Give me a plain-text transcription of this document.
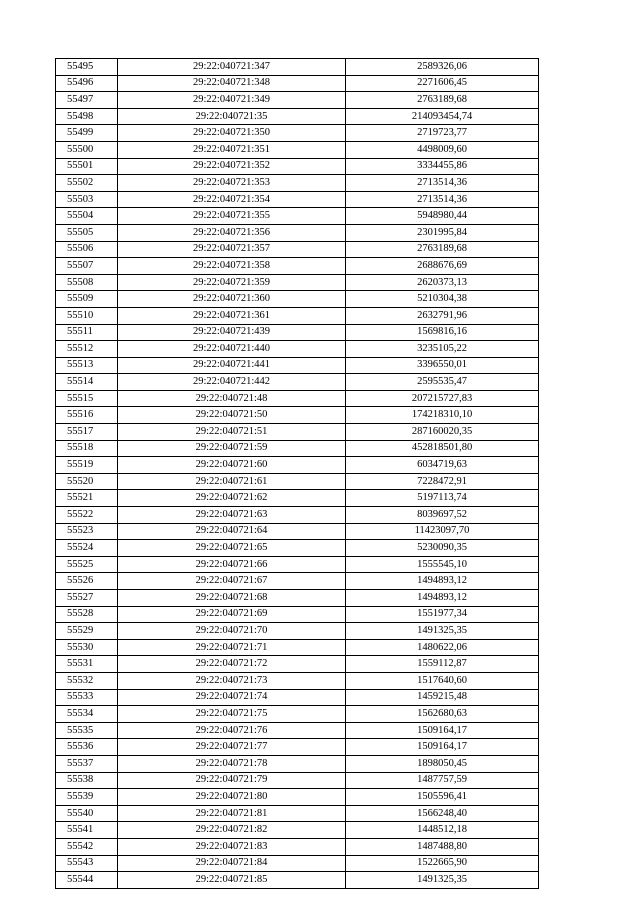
55495	29:22:040721:347	2589326,06
55496	29:22:040721:348	2271606,45
55497	29:22:040721:349	2763189,68
55498	29:22:040721:35	214093454,74
55499	29:22:040721:350	2719723,77
55500	29:22:040721:351	4498009,60
55501	29:22:040721:352	3334455,86
55502	29:22:040721:353	2713514,36
55503	29:22:040721:354	2713514,36
55504	29:22:040721:355	5948980,44
55505	29:22:040721:356	2301995,84
55506	29:22:040721:357	2763189,68
55507	29:22:040721:358	2688676,69
55508	29:22:040721:359	2620373,13
55509	29:22:040721:360	5210304,38
55510	29:22:040721:361	2632791,96
55511	29:22:040721:439	1569816,16
55512	29:22:040721:440	3235105,22
55513	29:22:040721:441	3396550,01
55514	29:22:040721:442	2595535,47
55515	29:22:040721:48	207215727,83
55516	29:22:040721:50	174218310,10
55517	29:22:040721:51	287160020,35
55518	29:22:040721:59	452818501,80
55519	29:22:040721:60	6034719,63
55520	29:22:040721:61	7228472,91
55521	29:22:040721:62	5197113,74
55522	29:22:040721:63	8039697,52
55523	29:22:040721:64	11423097,70
55524	29:22:040721:65	5230090,35
55525	29:22:040721:66	1555545,10
55526	29:22:040721:67	1494893,12
55527	29:22:040721:68	1494893,12
55528	29:22:040721:69	1551977,34
55529	29:22:040721:70	1491325,35
55530	29:22:040721:71	1480622,06
55531	29:22:040721:72	1559112,87
55532	29:22:040721:73	1517640,60
55533	29:22:040721:74	1459215,48
55534	29:22:040721:75	1562680,63
55535	29:22:040721:76	1509164,17
55536	29:22:040721:77	1509164,17
55537	29:22:040721:78	1898050,45
55538	29:22:040721:79	1487757,59
55539	29:22:040721:80	1505596,41
55540	29:22:040721:81	1566248,40
55541	29:22:040721:82	1448512,18
55542	29:22:040721:83	1487488,80
55543	29:22:040721:84	1522665,90
55544	29:22:040721:85	1491325,35
